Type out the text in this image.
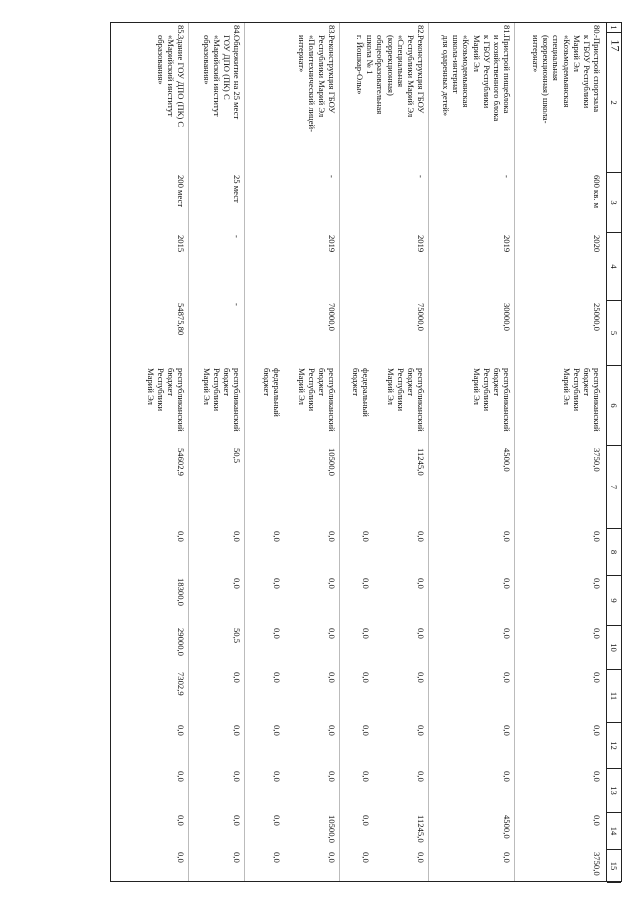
17
1
2
3
4
5
6
7
8
9
10
11
12
13
14
15
80.
-Пристрой спортзала
к ГБОУ Республики
Марий Эл
«Козьмодемьянская
специальная
(коррекционная) школа-
интернат»
600 кв. м
2020
25000,0
республиканский
бюджет
Республики
Марий Эл
3750,0
0,0
0,0
0,0
0,0
0,0
0,0
0,0
3750,0
81.
Пристрой пищеблока
и хозяйственного блока
к ГБОУ Республики
Марий Эл
«Козьмодемьянская
школа-интернат
для одаренных детей»
-
2019
30000,0
республиканский
бюджет
Республики
Марий Эл
4500,0
0,0
0,0
0,0
0,0
0,0
0,0
4500,0
0,0
82.
Реконструкция ГБОУ
Республики Марий Эл
«Специальная
(коррекционная)
общеобразовательная
школа № 1
г. Йошкар-Олы»
-
2019
75000,0
республиканский
бюджет
Республики
Марий Эл
11245,0
0,0
0,0
0,0
0,0
0,0
0,0
11245,0
0,0
федеральный
бюджет
0,0
0,0
0,0
0,0
0,0
0,0
0,0
0,0
83.
Реконструкция ГБОУ
Республики Марий Эл
«Политехнический лицей-
интернат»
-
2019
70000,0
республиканский
бюджет
Республики
Марий Эл
10500,0
0,0
0,0
0,0
0,0
0,0
0,0
10500,0
0,0
федеральный
бюджет
0,0
0,0
0,0
0,0
0,0
0,0
0,0
0,0
84.
Общежитие на 25 мест
ГОУ ДПО (ПК) С
«Марийский институт
образования»
25 мест
-
-
республиканский
бюджет
Республики
Марий Эл
50,5
0,0
0,0
50,5
0,0
0,0
0,0
0,0
0,0
85.
Здание ГОУ ДПО (ПК) С
«Марийский институт
образования»
200 мест
2015
54875,80
республиканский
бюджет
Республики
Марий Эл
54602,9
0,0
18300,0
29000,0
7302,9
0,0
0,0
0,0
0,0
